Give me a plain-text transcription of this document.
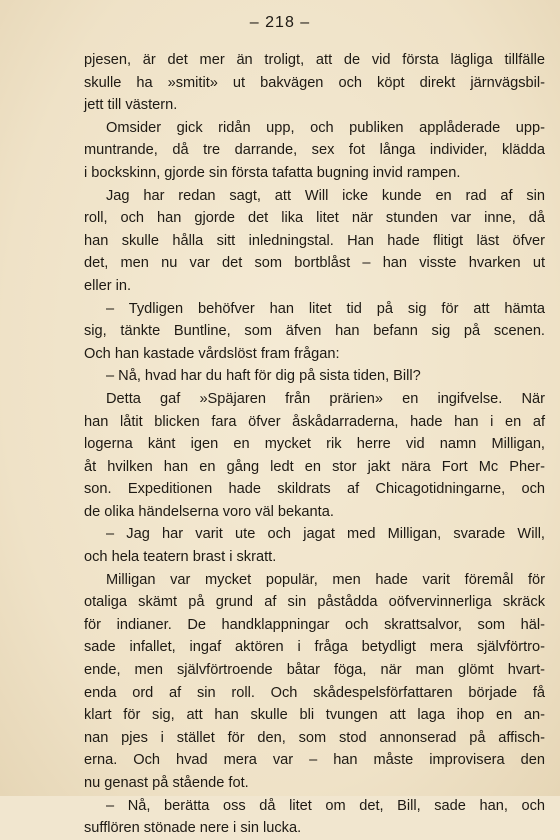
– 218 –
pjesen, är det mer än troligt, att de vid första lägliga tillfälle
skulle ha »smitit» ut bakvägen och köpt direkt järnvägsbil-
jett till västern.
Omsider gick ridån upp, och publiken applåderade upp-
muntrande, då tre darrande, sex fot långa individer, klädda
i bockskinn, gjorde sin första tafatta bugning invid rampen.
Jag har redan sagt, att Will icke kunde en rad af sin
roll, och han gjorde det lika litet när stunden var inne, då
han skulle hålla sitt inledningstal. Han hade flitigt läst öfver
det, men nu var det som bortblåst – han visste hvarken ut
eller in.
– Tydligen behöfver han litet tid på sig för att hämta
sig, tänkte Buntline, som äfven han befann sig på scenen.
Och han kastade vårdslöst fram frågan:
– Nå, hvad har du haft för dig på sista tiden, Bill?
Detta gaf »Späjaren från prärien» en ingifvelse. När
han låtit blicken fara öfver åskådarraderna, hade han i en af
logerna känt igen en mycket rik herre vid namn Milligan,
åt hvilken han en gång ledt en stor jakt nära Fort Mc Pher-
son. Expeditionen hade skildrats af Chicagotidningarne, och
de olika händelserna voro väl bekanta.
– Jag har varit ute och jagat med Milligan, svarade Will,
och hela teatern brast i skratt.
Milligan var mycket populär, men hade varit föremål för
otaliga skämt på grund af sin påstådda oöfvervinnerliga skräck
för indianer. De handklappningar och skrattsalvor, som häl-
sade infallet, ingaf aktören i fråga betydligt mera självförtro-
ende, men självförtroende båtar föga, när man glömt hvart-
enda ord af sin roll. Och skådespelsförfattaren började få
klart för sig, att han skulle bli tvungen att laga ihop en an-
nan pjes i stället för den, som stod annonserad på affisch-
erna. Och hvad mera var – han måste improvisera den
nu genast på stående fot.
– Nå, berätta oss då litet om det, Bill, sade han, och
sufflören stönade nere i sin lucka.
